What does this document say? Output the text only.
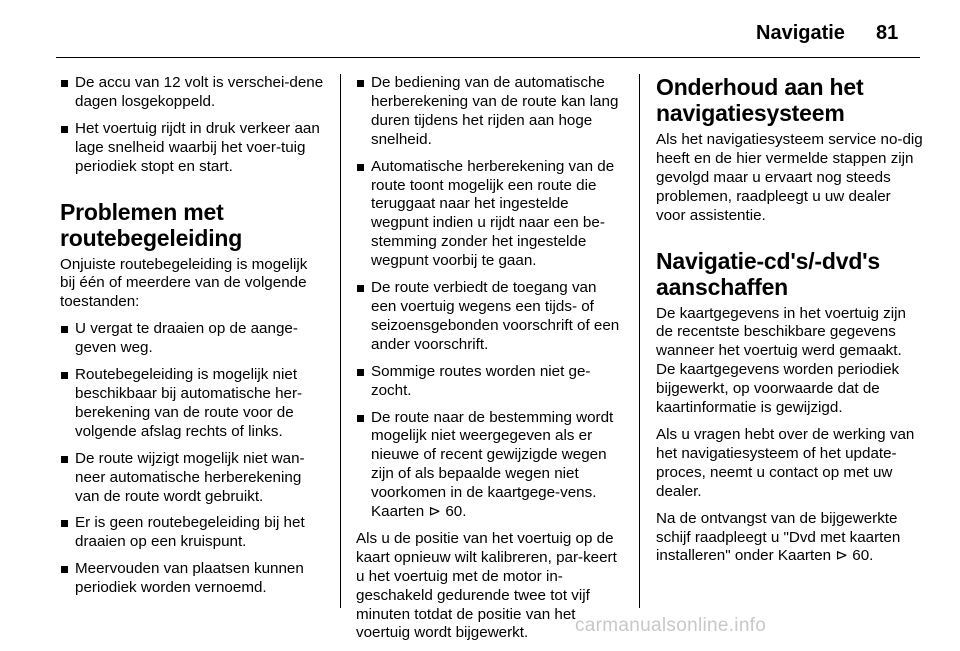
Navigatie 81
De accu van 12 volt is verschei-dene dagen losgekoppeld.
Het voertuig rijdt in druk verkeer aan lage snelheid waarbij het voer-tuig periodiek stopt en start.
Problemen met routebegeleiding

Onjuiste routebegeleiding is mogelijk bij één of meerdere van de volgende toestanden:

U vergat te draaien op de aange-geven weg.
Routebegeleiding is mogelijk niet beschikbaar bij automatische her-berekening van de route voor de volgende afslag rechts of links.
De route wijzigt mogelijk niet wan-neer automatische herberekening van de route wordt gebruikt.
Er is geen routebegeleiding bij het draaien op een kruispunt.
Meervouden van plaatsen kunnen periodiek worden vernoemd.
De bediening van de automatische herberekening van de route kan lang duren tijdens het rijden aan hoge snelheid.
Automatische herberekening van de route toont mogelijk een route die teruggaat naar het ingestelde wegpunt indien u rijdt naar een be-stemming zonder het ingestelde wegpunt voorbij te gaan.
De route verbiedt de toegang van een voertuig wegens een tijds- of seizoensgebonden voorschrift of een ander voorschrift.
Sommige routes worden niet ge-zocht.
De route naar de bestemming wordt mogelijk niet weergegeven als er nieuwe of recent gewijzigde wegen zijn of als bepaalde wegen niet voorkomen in de kaartgege-vens. Kaarten ⊳ 60.

Als u de positie van het voertuig op de kaart opnieuw wilt kalibreren, par-keert u het voertuig met de motor in-geschakeld gedurende twee tot vijf minuten totdat de positie van het voertuig wordt bijgewerkt.

Onderhoud aan het navigatiesysteem

Als het navigatiesysteem service no-dig heeft en de hier vermelde stappen zijn gevolgd maar u ervaart nog steeds problemen, raadpleegt u uw dealer voor assistentie.

Navigatie-cd's/-dvd's aanschaffen

De kaartgegevens in het voertuig zijn de recentste beschikbare gegevens wanneer het voertuig werd gemaakt. De kaartgegevens worden periodiek bijgewerkt, op voorwaarde dat de kaartinformatie is gewijzigd.

Als u vragen hebt over de werking van het navigatiesysteem of het update-proces, neemt u contact op met uw dealer.

Na de ontvangst van de bijgewerkte schijf raadpleegt u "Dvd met kaarten installeren" onder Kaarten ⊳ 60.

carmanualsonline.info
